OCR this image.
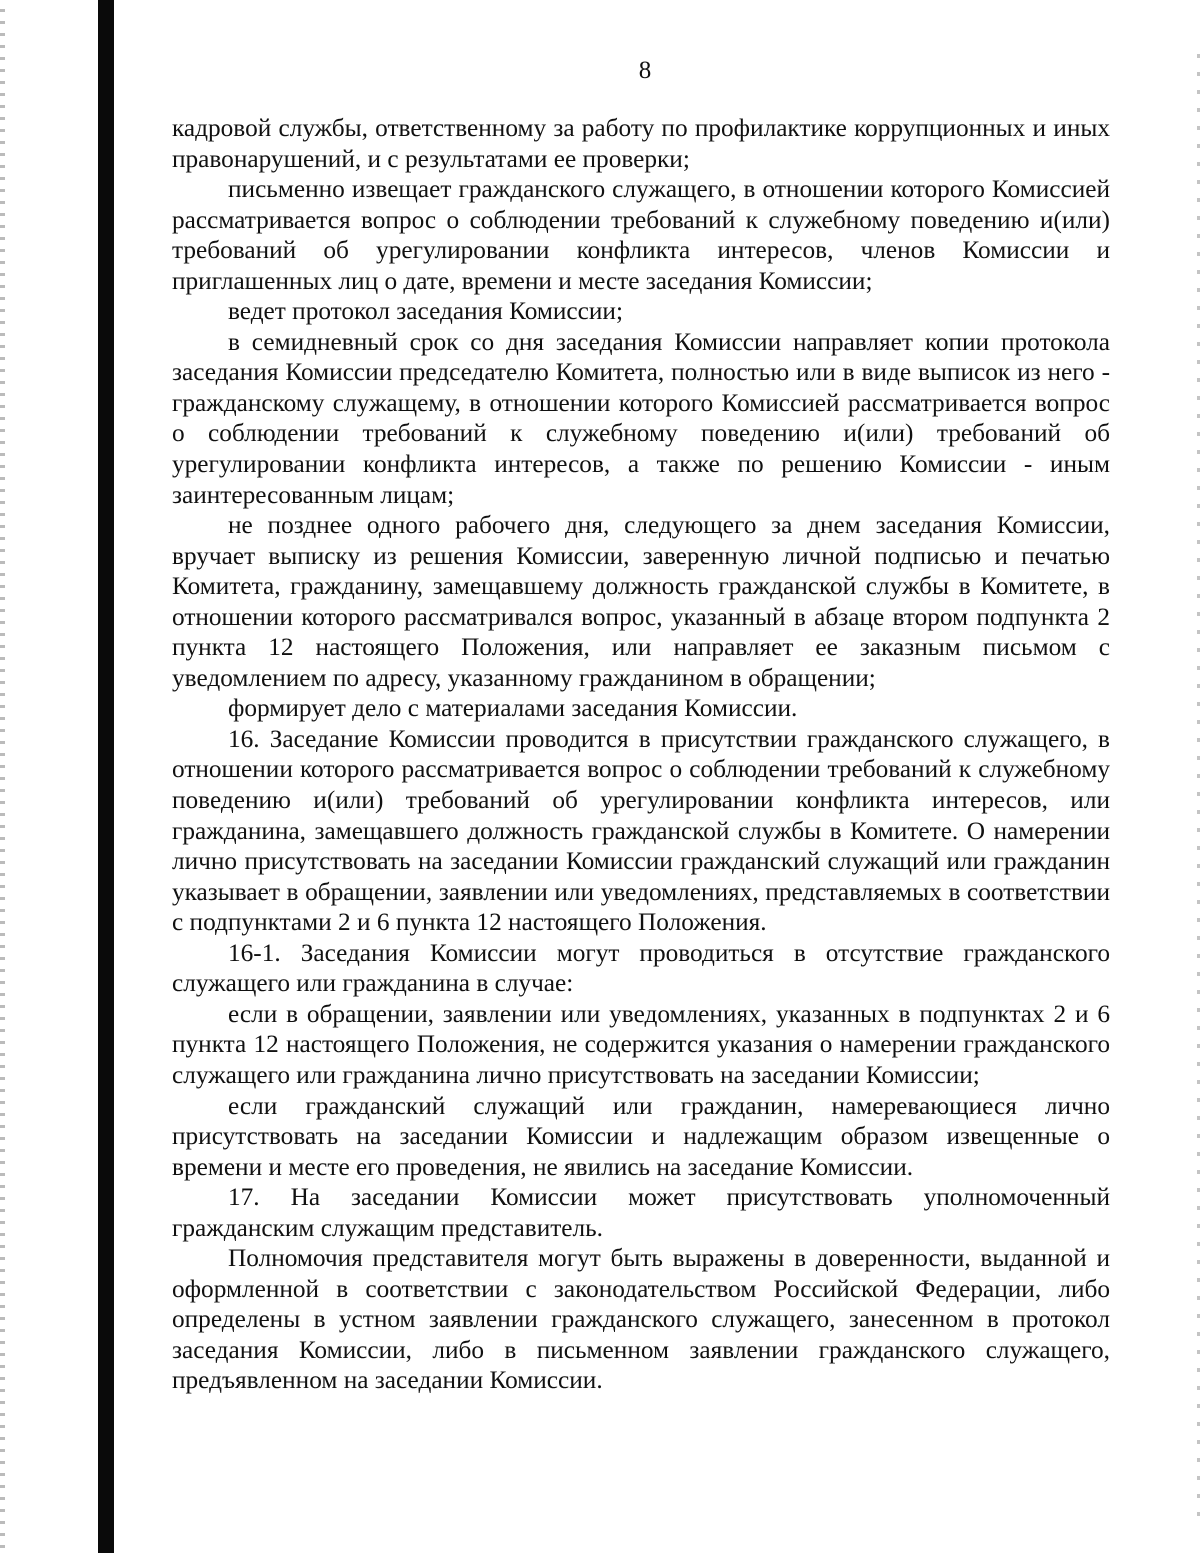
8

кадровой службы, ответственному за работу по профилактике коррупционных и иных правонарушений, и с результатами ее проверки;

письменно извещает гражданского служащего, в отношении которого Комиссией рассматривается вопрос о соблюдении требований к служебному поведению и(или) требований об урегулировании конфликта интересов, членов Комиссии и приглашенных лиц о дате, времени и месте заседания Комиссии;

ведет протокол заседания Комиссии;

в семидневный срок со дня заседания Комиссии направляет копии протокола заседания Комиссии председателю Комитета, полностью или в виде выписок из него - гражданскому служащему, в отношении которого Комиссией рассматривается вопрос о соблюдении требований к служебному поведению и(или) требований об урегулировании конфликта интересов, а также по решению Комиссии - иным заинтересованным лицам;

не позднее одного рабочего дня, следующего за днем заседания Комиссии, вручает выписку из решения Комиссии, заверенную личной подписью и печатью Комитета, гражданину, замещавшему должность гражданской службы в Комитете, в отношении которого рассматривался вопрос, указанный в абзаце втором подпункта 2 пункта 12 настоящего Положения, или направляет ее заказным письмом с уведомлением по адресу, указанному гражданином в обращении;

формирует дело с материалами заседания Комиссии.

16. Заседание Комиссии проводится в присутствии гражданского служащего, в отношении которого рассматривается вопрос о соблюдении требований к служебному поведению и(или) требований об урегулировании конфликта интересов, или гражданина, замещавшего должность гражданской службы в Комитете. О намерении лично присутствовать на заседании Комиссии гражданский служащий или гражданин указывает в обращении, заявлении или уведомлениях, представляемых в соответствии с подпунктами 2 и 6 пункта 12 настоящего Положения.

16-1. Заседания Комиссии могут проводиться в отсутствие гражданского служащего или гражданина в случае:

если в обращении, заявлении или уведомлениях, указанных в подпунктах 2 и 6 пункта 12 настоящего Положения, не содержится указания о намерении гражданского служащего или гражданина лично присутствовать на заседании Комиссии;

если гражданский служащий или гражданин, намеревающиеся лично присутствовать на заседании Комиссии и надлежащим образом извещенные о времени и месте его проведения, не явились на заседание Комиссии.

17. На заседании Комиссии может присутствовать уполномоченный гражданским служащим представитель.

Полномочия представителя могут быть выражены в доверенности, выданной и оформленной в соответствии с законодательством Российской Федерации, либо определены в устном заявлении гражданского служащего, занесенном в протокол заседания Комиссии, либо в письменном заявлении гражданского служащего, предъявленном на заседании Комиссии.
